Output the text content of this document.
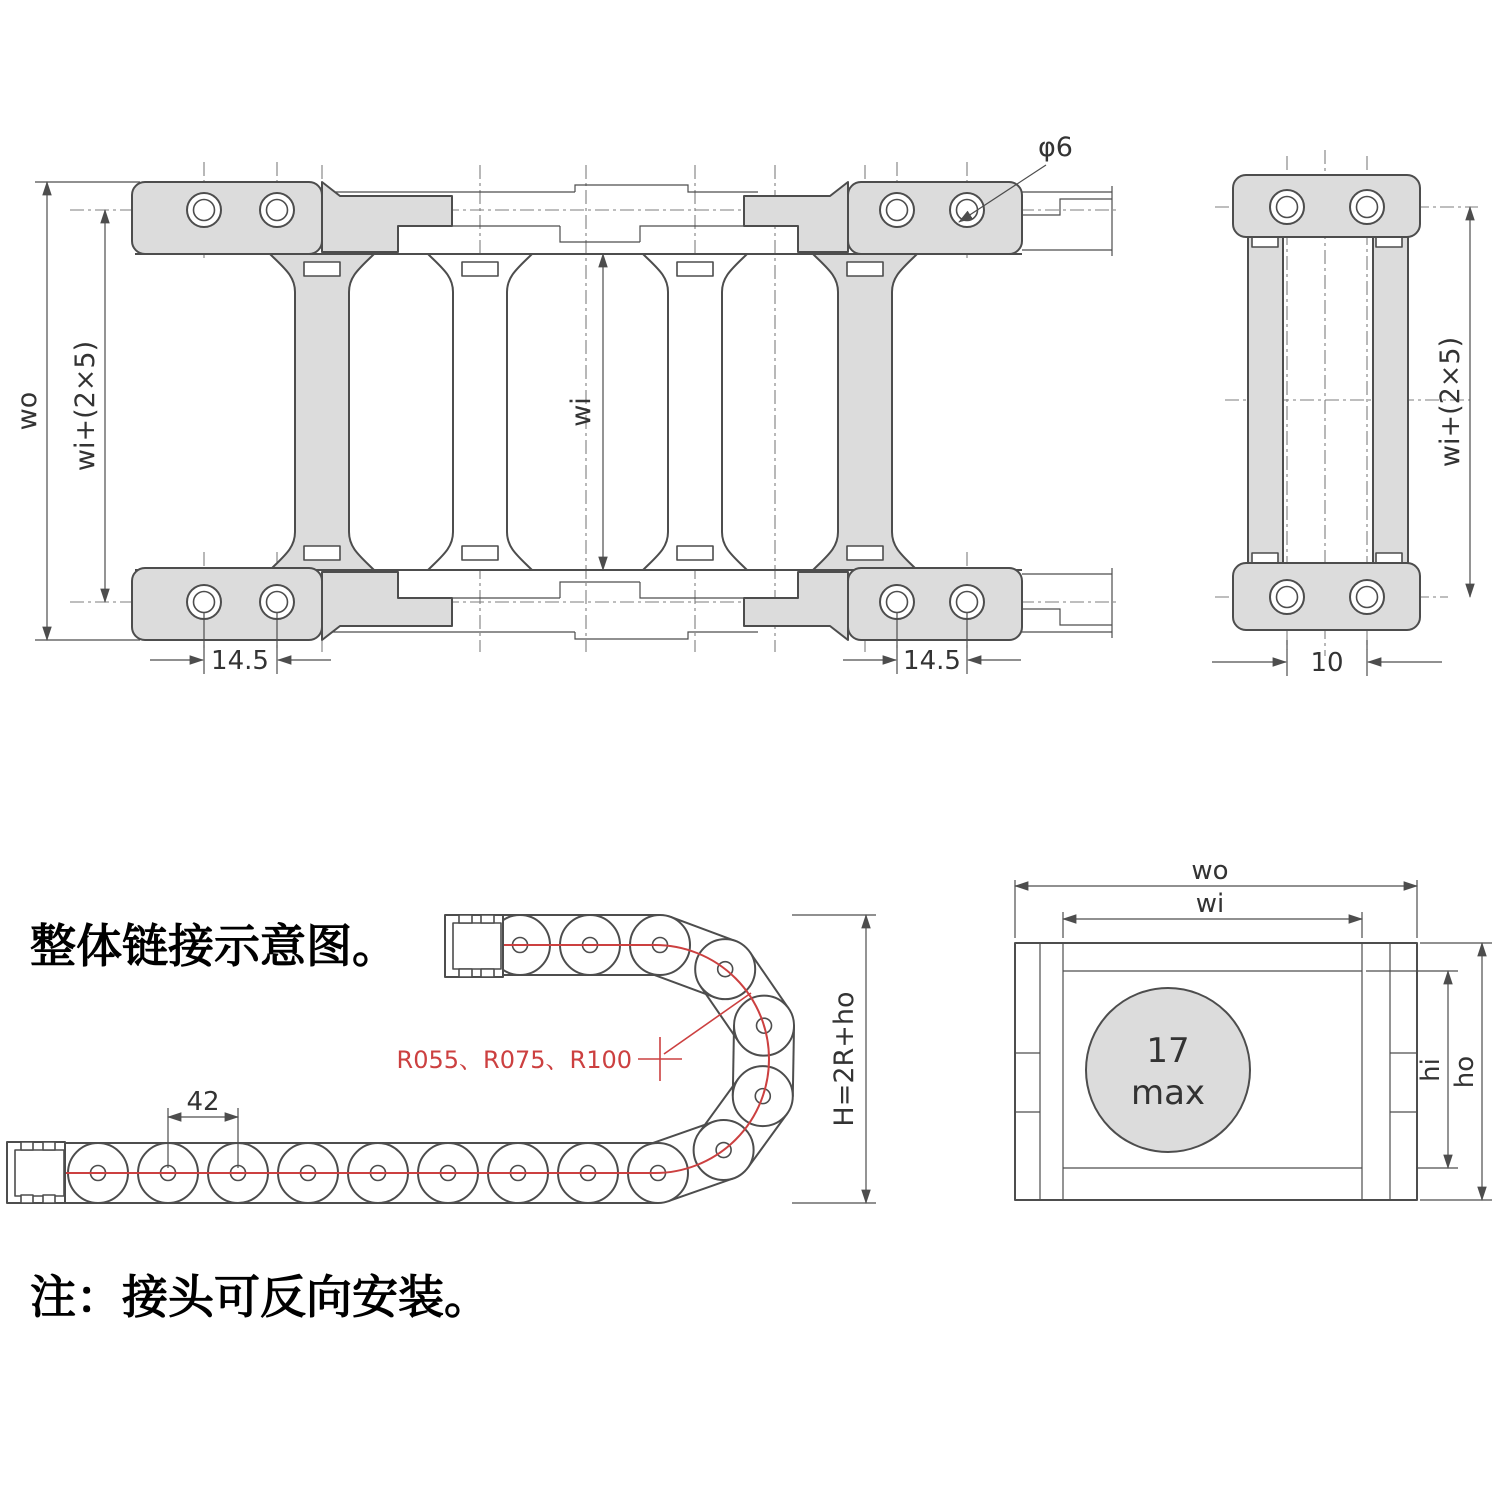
wo wi+(2×5)	wi
14.5	14.5
φ6
wi+(2×5)
10
42	H=2R+ho
R055、R075、R100	17
max
wo
wi
hi ho
整体链接示意图。
注：接头可反向安装。
